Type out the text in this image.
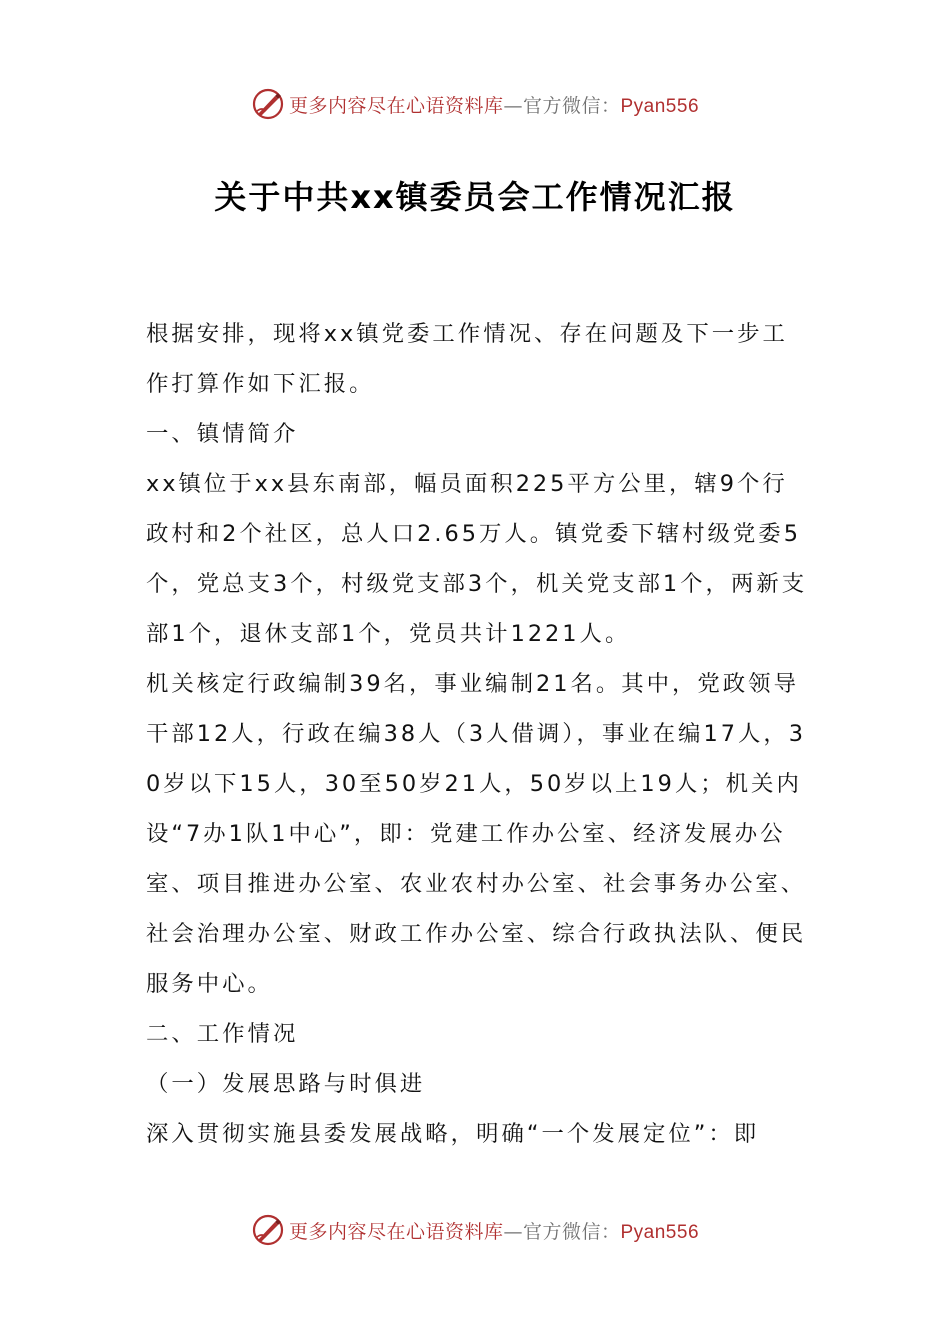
更多内容尽在心语资料库—官方微信：Pyan556
关于中共xx镇委员会工作情况汇报

根据安排，现将xx镇党委工作情况、存在问题及下一步工作打算作如下汇报。

一、镇情简介

xx镇位于xx县东南部，幅员面积225平方公里，辖9个行政村和2个社区，总人口2.65万人。镇党委下辖村级党委5个，党总支3个，村级党支部3个，机关党支部1个，两新支部1个，退休支部1个，党员共计1221人。

机关核定行政编制39名，事业编制21名。其中，党政领导干部12人，行政在编38人（3人借调），事业在编17人，30岁以下15人，30至50岁21人，50岁以上19人；机关内设“7办1队1中心”，即：党建工作办公室、经济发展办公室、项目推进办公室、农业农村办公室、社会事务办公室、社会治理办公室、财政工作办公室、综合行政执法队、便民服务中心。

二、工作情况

（一）发展思路与时俱进

深入贯彻实施县委发展战略，明确“一个发展定位”：即

更多内容尽在心语资料库—官方微信：Pyan556
